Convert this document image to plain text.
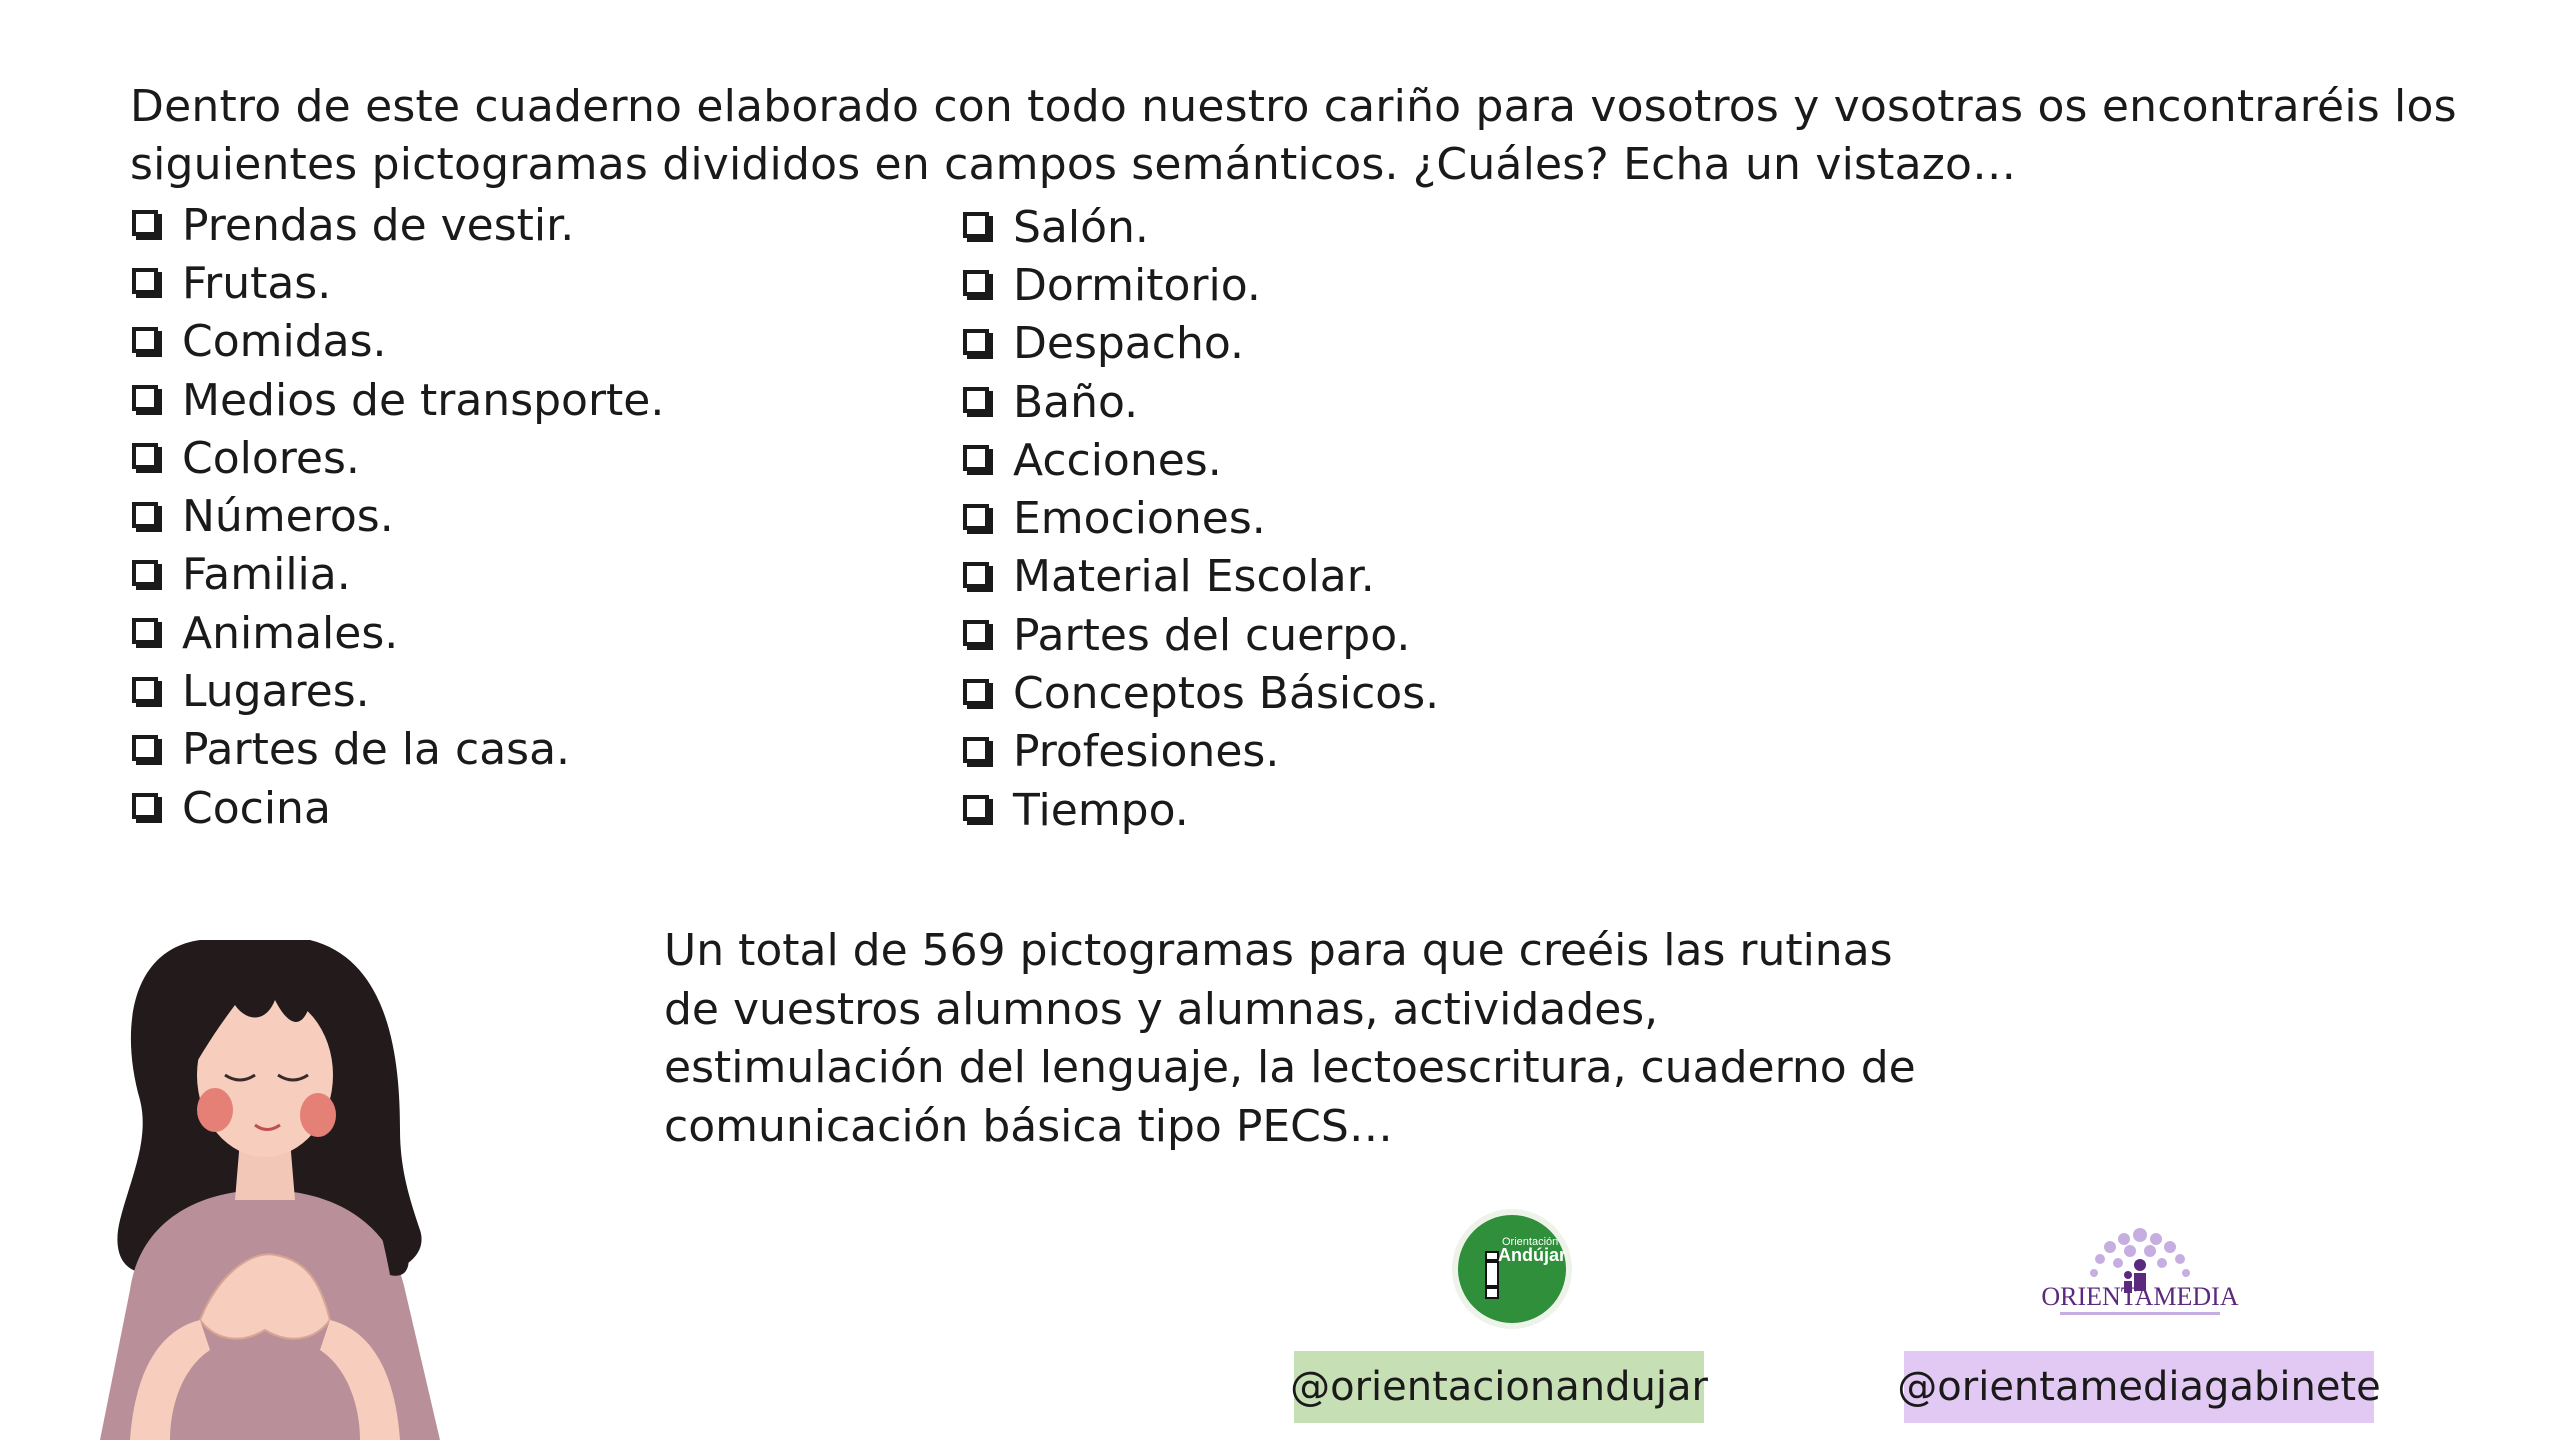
Dentro de este cuaderno elaborado con todo nuestro cariño para vosotros y vosotras os encontraréis los siguientes pictogramas divididos en campos semánticos. ¿Cuáles? Echa un vistazo…

Prendas de vestir.
Frutas.
Comidas.
Medios de transporte.
Colores.
Números.
Familia.
Animales.
Lugares.
Partes de la casa.
Cocina
Salón.
Dormitorio.
Despacho.
Baño.
Acciones.
Emociones.
Material Escolar.
Partes del cuerpo.
Conceptos Básicos.
Profesiones.
Tiempo.

Un total de 569 pictogramas para que creéis las rutinas de vuestros alumnos y alumnas, actividades, estimulación del lenguaje, la lectoescritura, cuaderno de comunicación básica tipo PECS…

Orientación
Andújar
ORIENTAMEDIA
@orientacionandujar	@orientamediagabinete
